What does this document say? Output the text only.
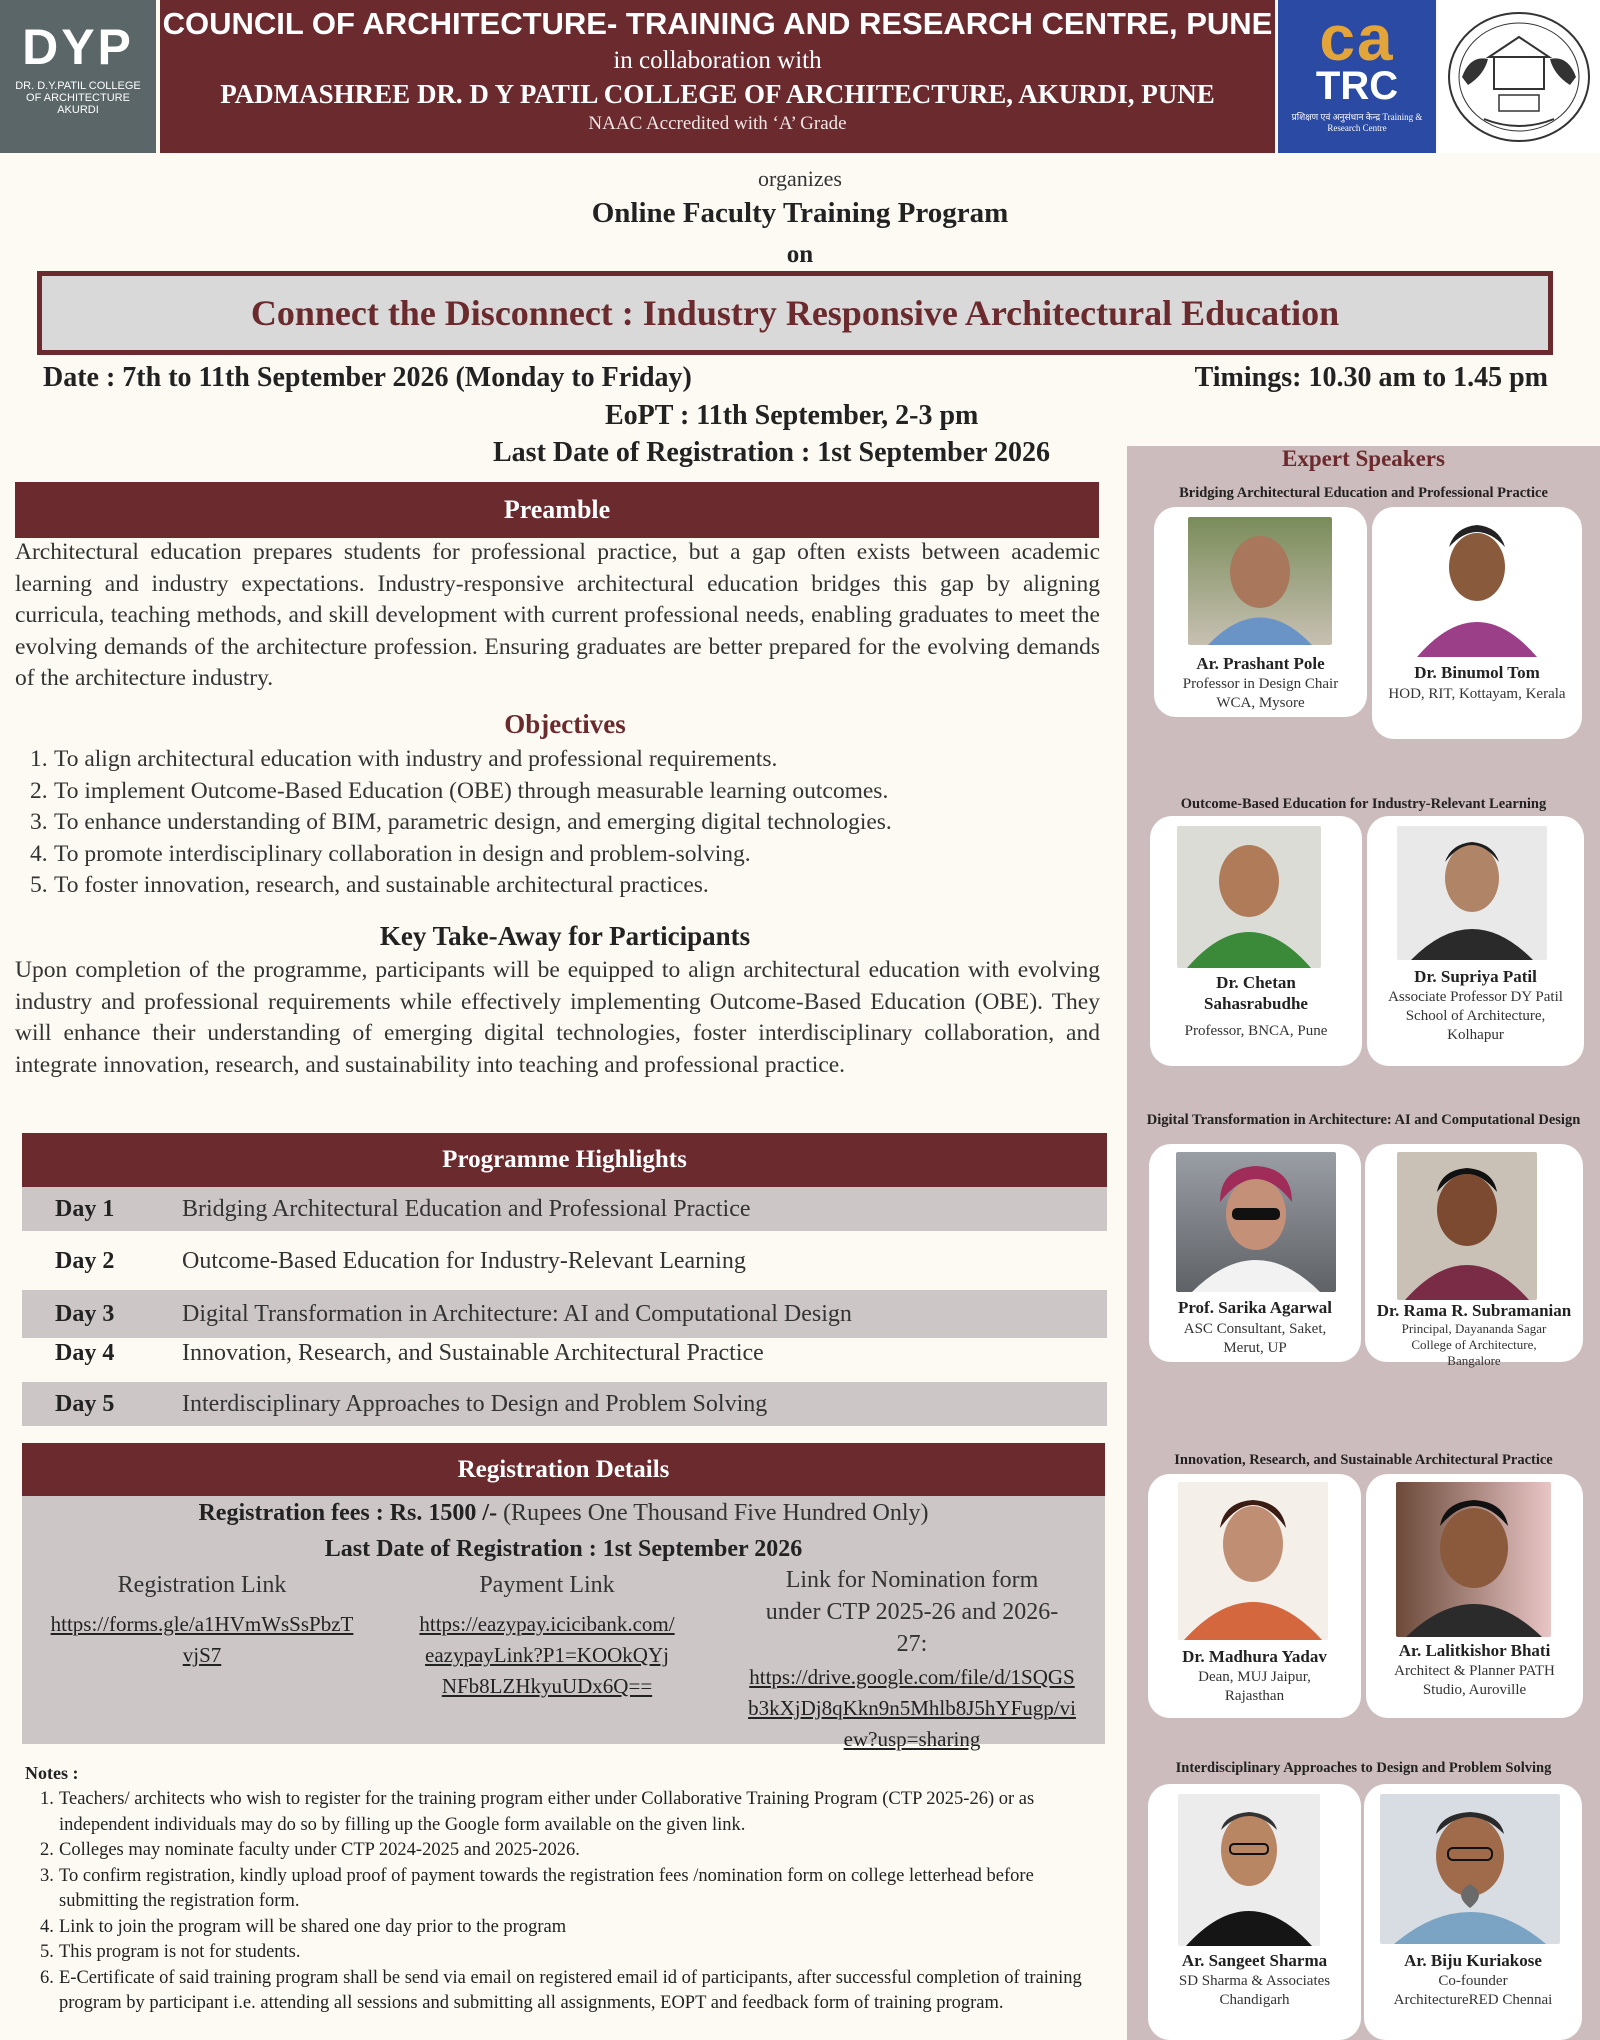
DYP
DR. D.Y.PATIL COLLEGE OF ARCHITECTURE AKURDI
COUNCIL OF ARCHITECTURE- TRAINING AND RESEARCH CENTRE, PUNE
in collaboration with
PADMASHREE DR. D Y PATIL COLLEGE OF ARCHITECTURE, AKURDI, PUNE
NAAC Accredited with ‘A’ Grade
ca
TRC
प्रशिक्षण एवं अनुसंधान केन्द्र Training & Research Centre
organizes
Online Faculty Training Program
on
Connect the Disconnect : Industry Responsive Architectural Education
Date : 7th to 11th September 2026 (Monday to Friday)	Timings: 10.30 am to 1.45 pm
EoPT : 11th September, 2-3 pm
Last Date of Registration : 1st September 2026
Preamble
Architectural education prepares students for professional practice, but a gap often exists between academic learning and industry expectations. Industry-responsive architectural education bridges this gap by aligning curricula, teaching methods, and skill development with current professional needs, enabling graduates to meet the evolving demands of the architecture profession. Ensuring graduates are better prepared for the evolving demands of the architecture industry.
Objectives
1. To align architectural education with industry and professional requirements.
2. To implement Outcome-Based Education (OBE) through measurable learning outcomes.
3. To enhance understanding of BIM, parametric design, and emerging digital technologies.
4. To promote interdisciplinary collaboration in design and problem-solving.
5. To foster innovation, research, and sustainable architectural practices.
Key Take-Away for Participants
Upon completion of the programme, participants will be equipped to align architectural education with evolving industry and professional requirements while effectively implementing Outcome-Based Education (OBE). They will enhance their understanding of emerging digital technologies, foster interdisciplinary collaboration, and integrate innovation, research, and sustainability into teaching and professional practice.
Programme Highlights
Day 1	Bridging Architectural Education and Professional Practice
Day 2	Outcome-Based Education for Industry-Relevant Learning
Day 3	Digital Transformation in Architecture: AI and Computational Design
Day 4	Innovation, Research, and Sustainable Architectural Practice
Day 5	Interdisciplinary Approaches to Design and Problem Solving
Registration Details
Registration fees : Rs. 1500 /- (Rupees One Thousand Five Hundred Only)
Last Date of Registration : 1st September 2026
Registration Link
https://forms.gle/a1HVmWsSsPbzTvjS7
Payment Link
https://eazypay.icicibank.com/eazypayLink?P1=KOOkQYjNFb8LZHkyuUDx6Q==
Link for Nomination form under CTP 2025-26 and 2026-27:
https://drive.google.com/file/d/1SQGSb3kXjDj8qKkn9n5Mhlb8J5hYFugp/view?usp=sharing
Notes :
1. Teachers/ architects who wish to register for the training program either under Collaborative Training Program (CTP 2025-26) or as independent individuals may do so by filling up the Google form available on the given link.
2. Colleges may nominate faculty under CTP 2024-2025 and 2025-2026.
3. To confirm registration, kindly upload proof of payment towards the registration fees /nomination form on college letterhead before submitting the registration form.
4. Link to join the program will be shared one day prior to the program
5. This program is not for students.
6. E-Certificate of said training program shall be send via email on registered email id of participants, after successful completion of training program by participant i.e. attending all sessions and submitting all assignments, EOPT and feedback form of training program.
Expert Speakers
Bridging Architectural Education and Professional Practice
Ar. Prashant Pole
Professor in Design Chair WCA, Mysore
Dr. Binumol Tom
HOD, RIT, Kottayam, Kerala
Outcome-Based Education for Industry-Relevant Learning
Dr. Chetan Sahasrabudhe
Professor, BNCA, Pune
Dr. Supriya Patil
Associate Professor DY Patil School of Architecture, Kolhapur
Digital Transformation in Architecture: AI and Computational Design
Prof. Sarika Agarwal
ASC Consultant, Saket, Merut, UP
Dr. Rama R. Subramanian
Principal, Dayananda Sagar College of Architecture, Bangalore
Innovation, Research, and Sustainable Architectural Practice
Dr. Madhura Yadav
Dean, MUJ Jaipur, Rajasthan
Ar. Lalitkishor Bhati
Architect & Planner PATH Studio, Auroville
Interdisciplinary Approaches to Design and Problem Solving
Ar. Sangeet Sharma
SD Sharma & Associates Chandigarh
Ar. Biju Kuriakose
Co-founder ArchitectureRED Chennai
